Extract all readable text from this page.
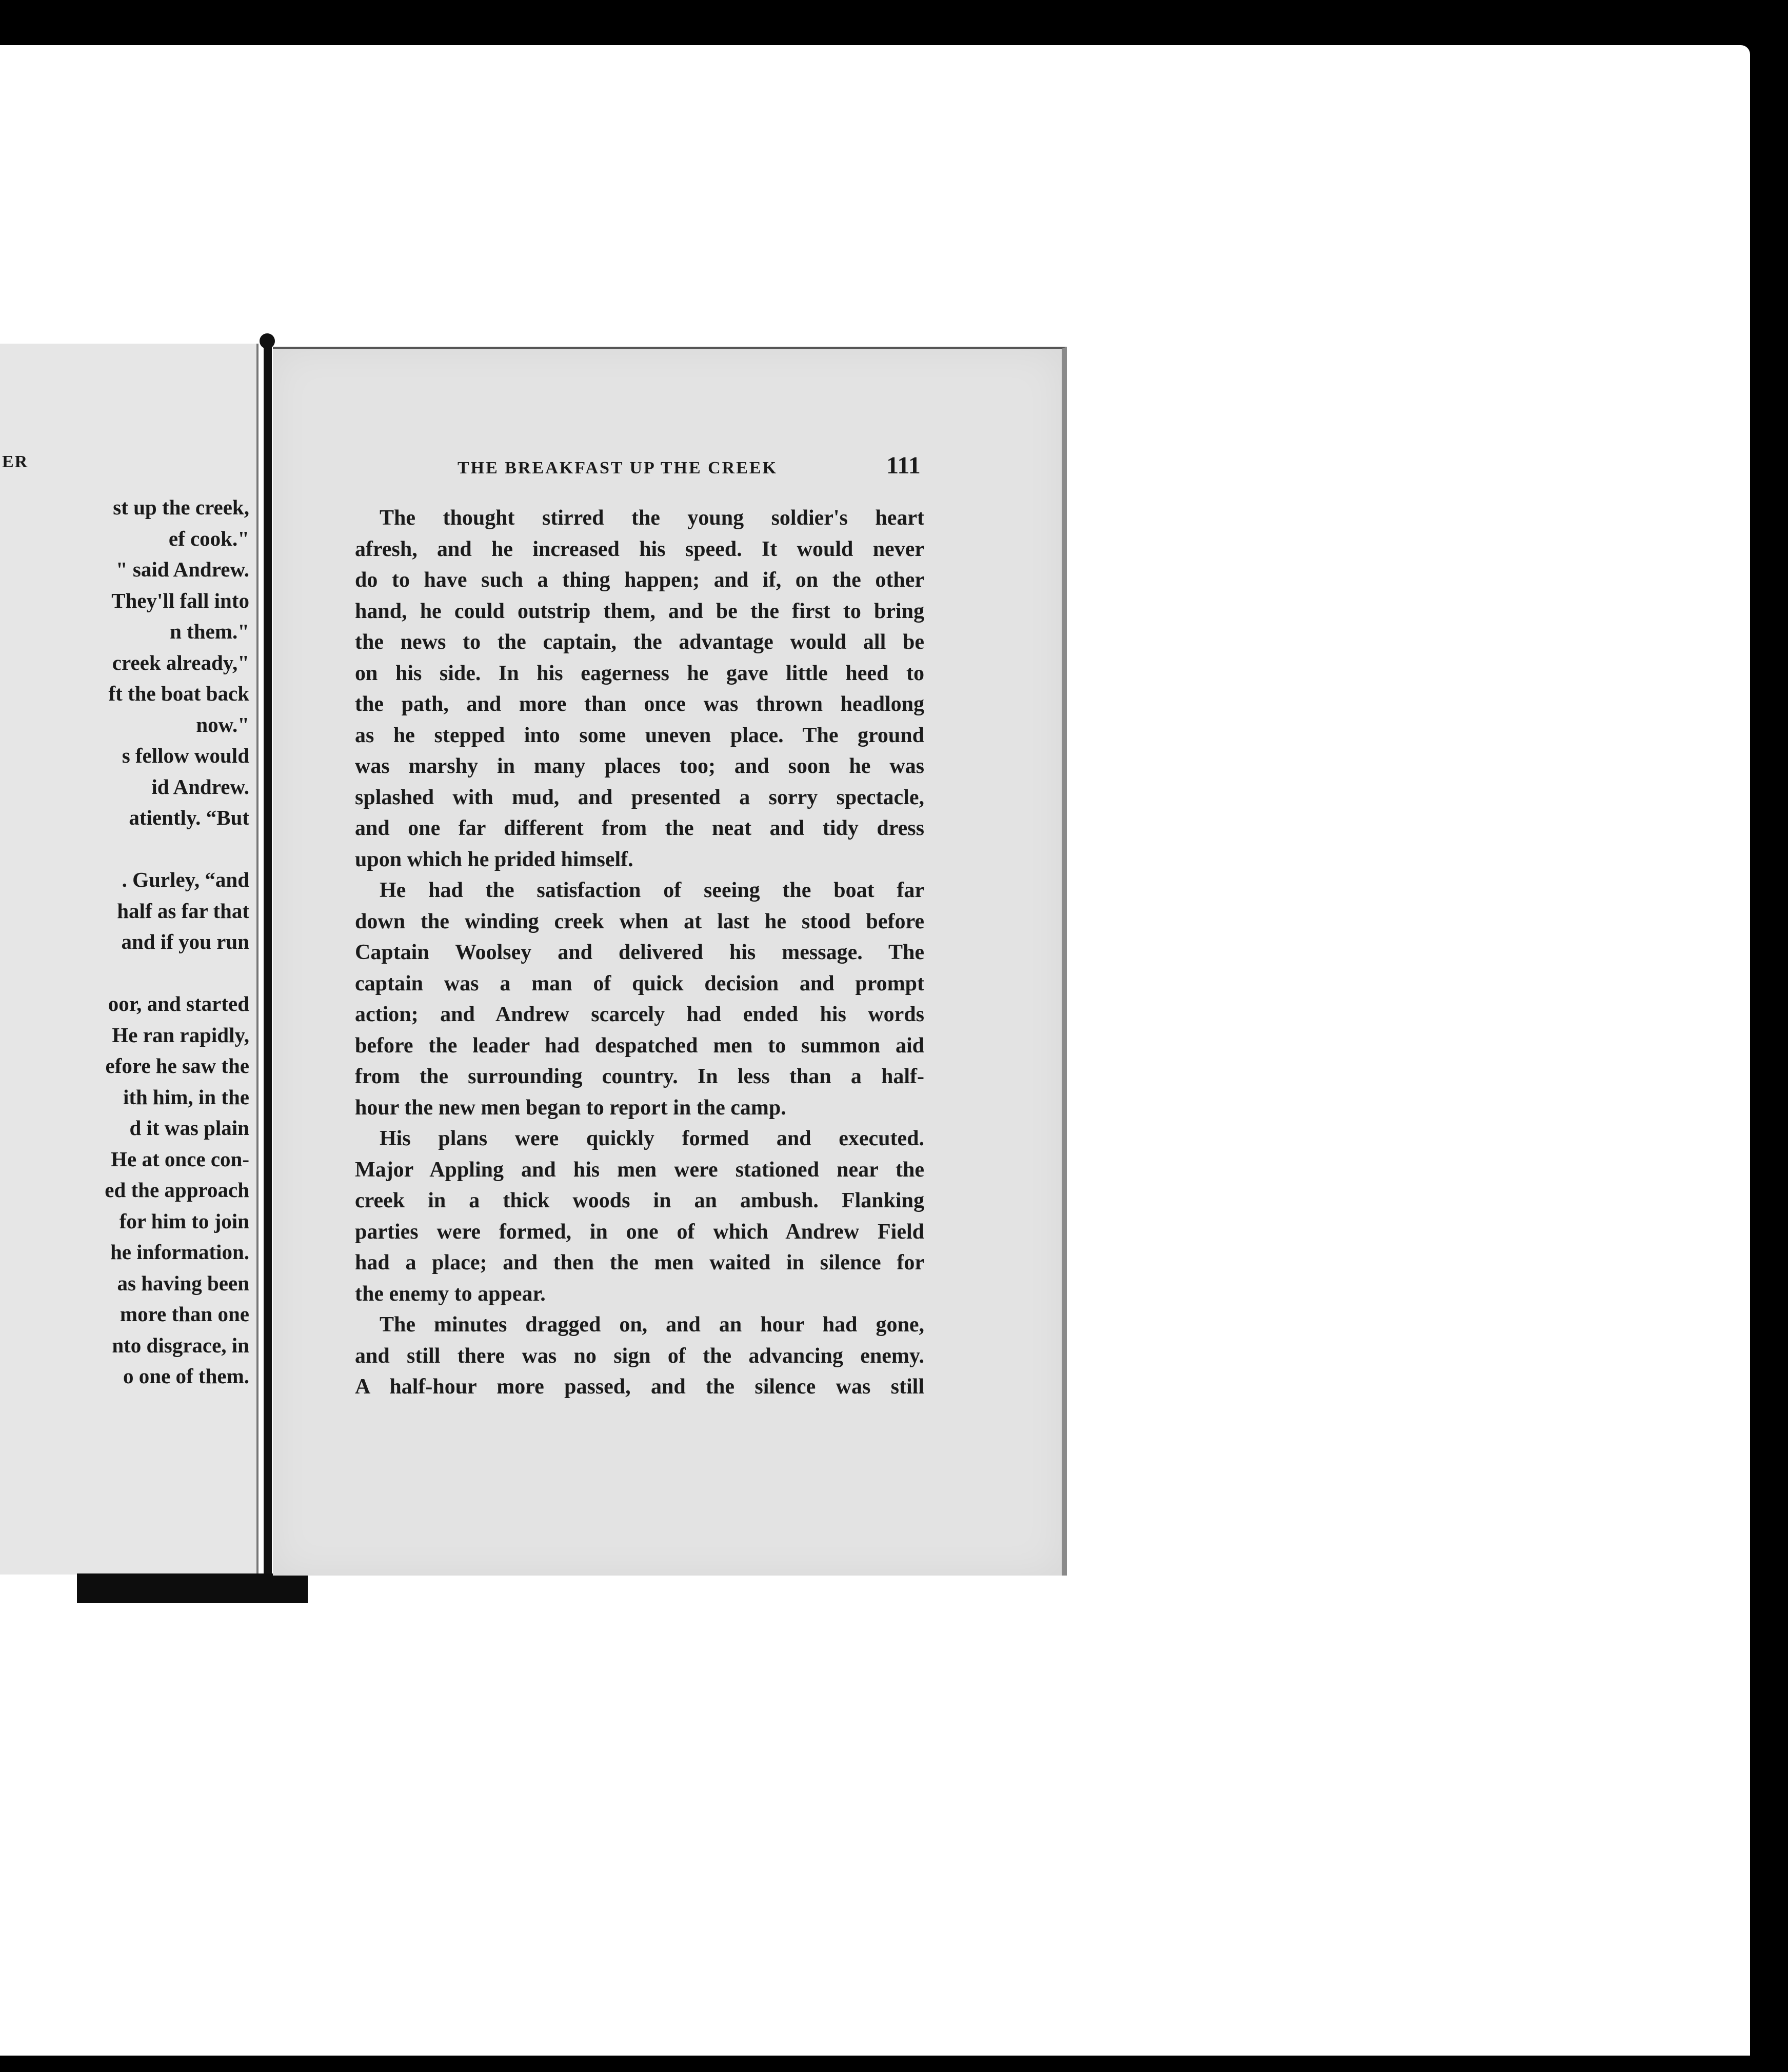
ER
st up the creek,
ef cook."
" said Andrew.
They'll fall into
n them."
creek already,"
ft the boat back
now."
s fellow would
id Andrew.
atiently. “But
. Gurley, “and
half as far that
and if you run
oor, and started
He ran rapidly,
efore he saw the
ith him, in the
d it was plain
He at once con-
ed the approach
for him to join
he information.
as having been
more than one
nto disgrace, in
o one of them.
THE BREAKFAST UP THE CREEK	111
The thought stirred the young soldier's heart
afresh, and he increased his speed. It would never
do to have such a thing happen; and if, on the other
hand, he could outstrip them, and be the first to bring
the news to the captain, the advantage would all be
on his side. In his eagerness he gave little heed to
the path, and more than once was thrown headlong
as he stepped into some uneven place. The ground
was marshy in many places too; and soon he was
splashed with mud, and presented a sorry spectacle,
and one far different from the neat and tidy dress
upon which he prided himself.
He had the satisfaction of seeing the boat far
down the winding creek when at last he stood before
Captain Woolsey and delivered his message. The
captain was a man of quick decision and prompt
action; and Andrew scarcely had ended his words
before the leader had despatched men to summon aid
from the surrounding country. In less than a half-
hour the new men began to report in the camp.
His plans were quickly formed and executed.
Major Appling and his men were stationed near the
creek in a thick woods in an ambush. Flanking
parties were formed, in one of which Andrew Field
had a place; and then the men waited in silence for
the enemy to appear.
The minutes dragged on, and an hour had gone,
and still there was no sign of the advancing enemy.
A half-hour more passed, and the silence was still
